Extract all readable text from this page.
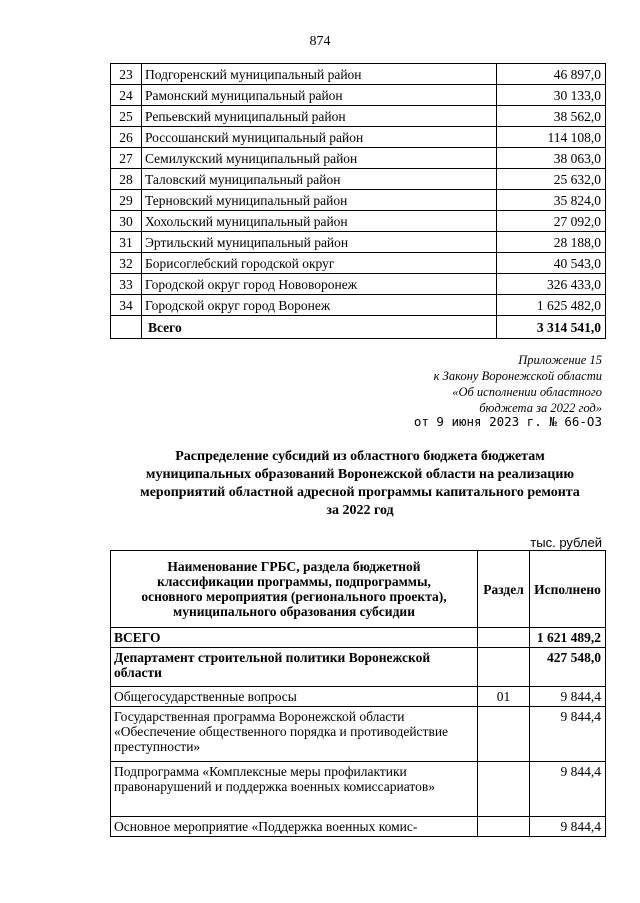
874
23	Подгоренский муниципальный район	46 897,0
24	Рамонский муниципальный район	30 133,0
25	Репьевский муниципальный район	38 562,0
26	Россошанский муниципальный район	114 108,0
27	Семилукский муниципальный район	38 063,0
28	Таловский муниципальный район	25 632,0
29	Терновский муниципальный район	35 824,0
30	Хохольский муниципальный район	27 092,0
31	Эртильский муниципальный район	28 188,0
32	Борисоглебский городской округ	40 543,0
33	Городской округ город Нововоронеж	326 433,0
34	Городской округ город Воронеж	1 625 482,0
	Всего	3 314 541,0
Приложение 15
к Закону Воронежской области
«Об исполнении областного
бюджета за 2022 год»
от 9 июня 2023 г. № 66-ОЗ
Распределение субсидий из областного бюджета бюджетам
муниципальных образований Воронежской области на реализацию
мероприятий областной адресной программы капитального ремонта
за 2022 год
тыс. рублей
Наименование ГРБС, раздела бюджетной
классификации программы, подпрограммы,
основного мероприятия (регионального проекта),
муниципального образования субсидии	Раздел	Исполнено
ВСЕГО		1 621 489,2
Департамент строительной политики Воронежской области		427 548,0
Общегосударственные вопросы	01	9 844,4
Государственная программа Воронежской области «Обеспечение общественного порядка и противодействие преступности»		9 844,4
Подпрограмма «Комплексные меры профилактики правонарушений и поддержка военных комиссариатов»		9 844,4
Основное мероприятие «Поддержка военных комис-		9 844,4
